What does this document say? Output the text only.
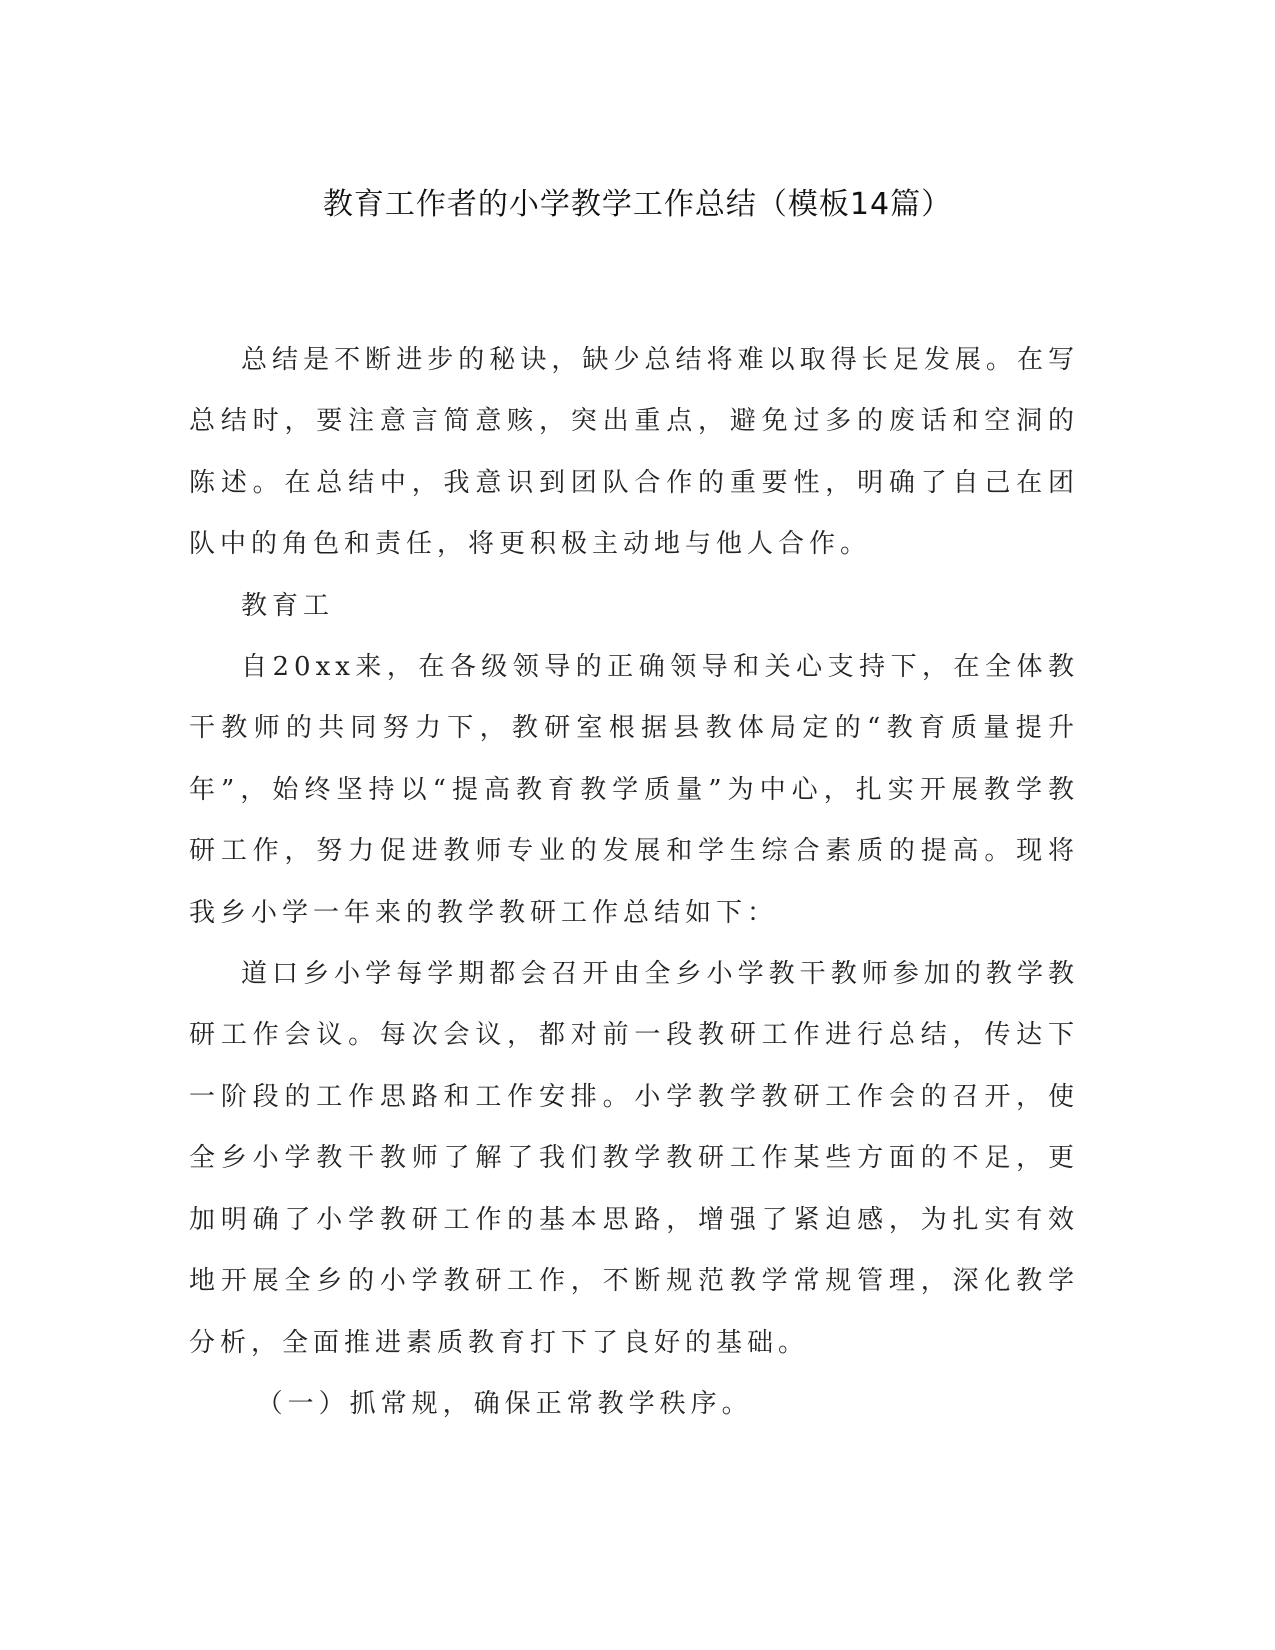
教育工作者的小学教学工作总结（模板14篇）

总结是不断进步的秘诀，缺少总结将难以取得长足发展。在写总结时，要注意言简意赅，突出重点，避免过多的废话和空洞的陈述。在总结中，我意识到团队合作的重要性，明确了自己在团队中的角色和责任，将更积极主动地与他人合作。

教育工

自20xx来，在各级领导的正确领导和关心支持下，在全体教干教师的共同努力下，教研室根据县教体局定的“教育质量提升年”，始终坚持以“提高教育教学质量”为中心，扎实开展教学教研工作，努力促进教师专业的发展和学生综合素质的提高。现将我乡小学一年来的教学教研工作总结如下：

道口乡小学每学期都会召开由全乡小学教干教师参加的教学教研工作会议。每次会议，都对前一段教研工作进行总结，传达下一阶段的工作思路和工作安排。小学教学教研工作会的召开，使全乡小学教干教师了解了我们教学教研工作某些方面的不足，更加明确了小学教研工作的基本思路，增强了紧迫感，为扎实有效地开展全乡的小学教研工作，不断规范教学常规管理，深化教学分析，全面推进素质教育打下了良好的基础。

（一）抓常规，确保正常教学秩序。
